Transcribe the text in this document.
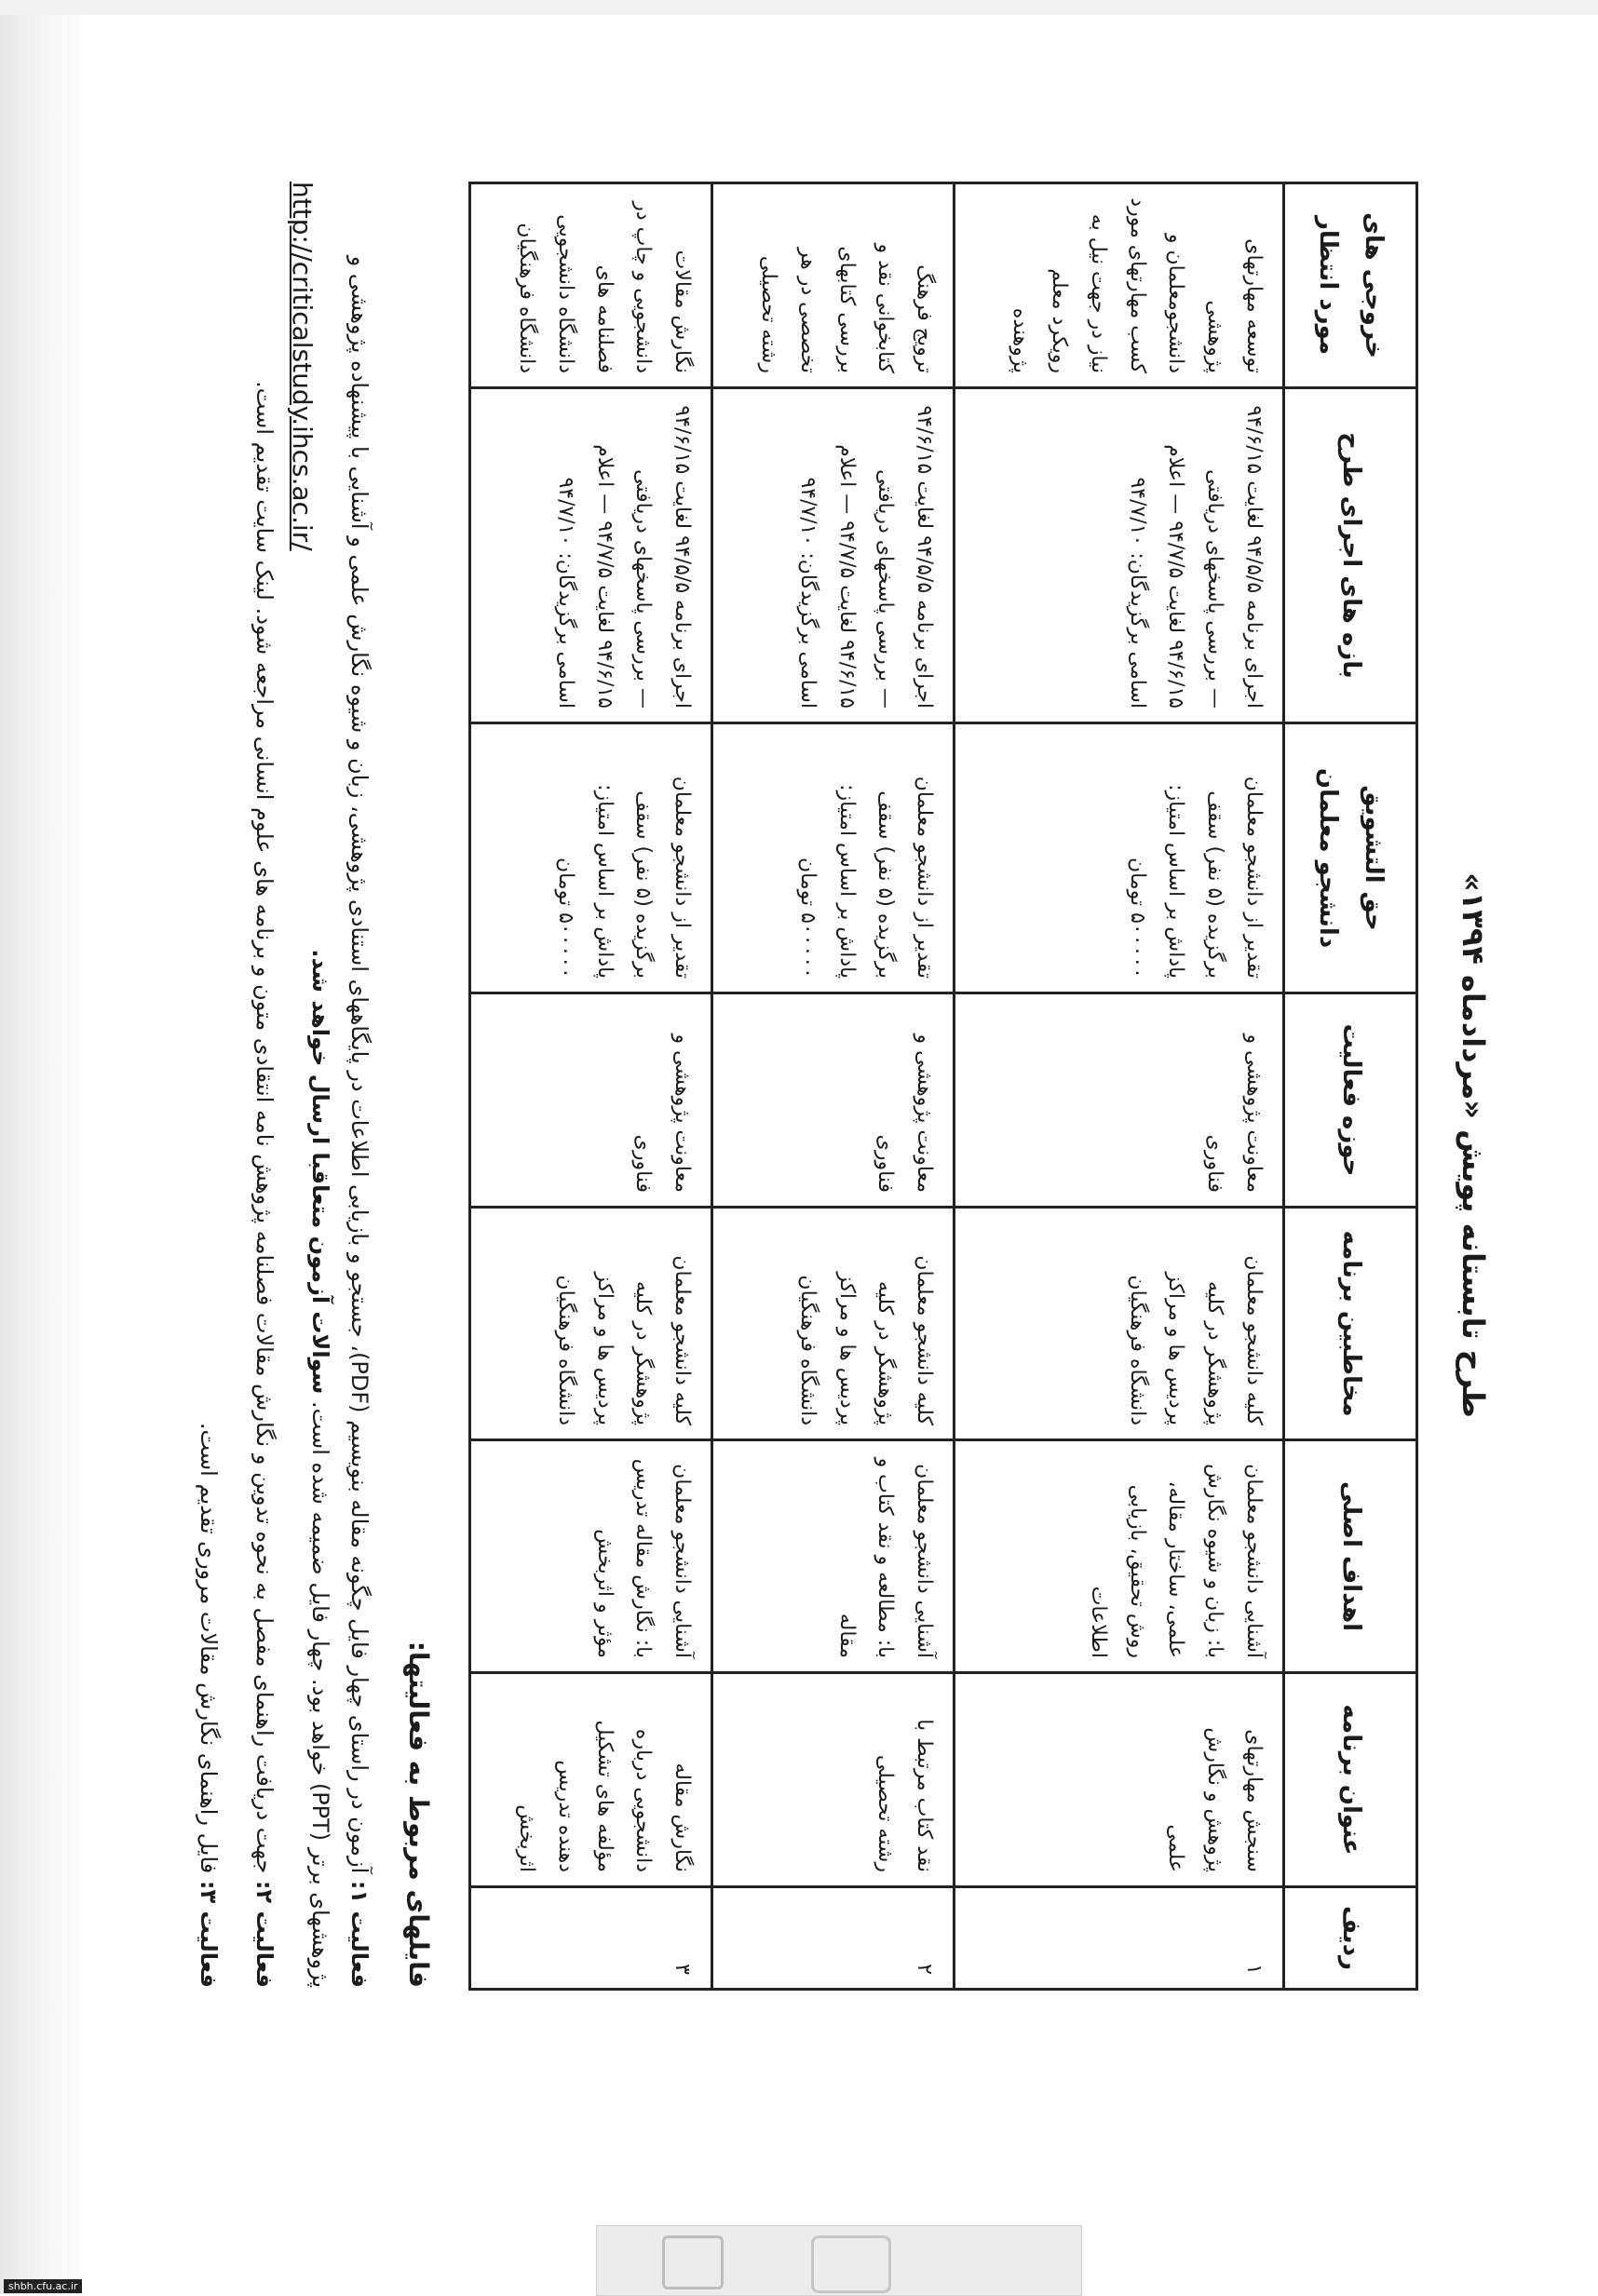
طرح تابستانه پویش «مردادماه ۱۳۹۴»
ردیف	عنوان برنامه	اهداف اصلی	مخاطبین برنامه	حوزه فعالیت	حق التشویق دانشجو معلمان	بازه های اجرای طرح	خروجی های مورد انتظار
۱	سنجش مهارتهای پژوهش و نگارش علمی	آشنایی دانشجو معلمان با: زبان و شیوه نگارش علمی، ساختار مقاله، روش تحقیق، بازیابی اطلاعات	کلیه دانشجو معلمان پژوهشگر در کلیه پردیس ها و مراکز دانشگاه فرهنگیان	معاونت پژوهشی و فناوری	تقدیر از دانشجو معلمان برگزیده (۵ نفر) سقف پاداش بر اساس امتیاز: ۵۰۰۰۰۰ تومان	اجرای برنامه ۹۴/۵/۵ لغایت ۹۴/۶/۱۵ — بررسی پاسخهای دریافتی ۹۴/۶/۱۵ لغایت ۹۴/۷/۵ — اعلام اسامی برگزیدگان: ۹۴/۷/۱۰	توسعه مهارتهای پژوهشی دانشجومعلمان و کسب مهارتهای مورد نیاز در جهت نیل به رویکرد معلم پژوهنده
۲	نقد کتاب مرتبط با رشته تحصیلی	آشنایی دانشجو معلمان با: مطالعه و نقد کتاب و مقاله	کلیه دانشجو معلمان پژوهشگر در کلیه پردیس ها و مراکز دانشگاه فرهنگیان	معاونت پژوهشی و فناوری	تقدیر از دانشجو معلمان برگزیده (۵ نفر) سقف پاداش بر اساس امتیاز: ۵۰۰۰۰۰ تومان	اجرای برنامه ۹۴/۵/۵ لغایت ۹۴/۶/۱۵ — بررسی پاسخهای دریافتی ۹۴/۶/۱۵ لغایت ۹۴/۷/۵ — اعلام اسامی برگزیدگان: ۹۴/۷/۱۰	ترویج فرهنگ کتابخوانی نقد و بررسی کتابهای تخصصی در هر رشته تحصیلی
۳	نگارش مقاله دانشجویی درباره مؤلفه های تشکیل دهنده تدریس اثربخش	آشنایی دانشجو معلمان با: نگارش مقاله تدریس مؤثر و اثربخش	کلیه دانشجو معلمان پژوهشگر در کلیه پردیس ها و مراکز دانشگاه فرهنگیان	معاونت پژوهشی و فناوری	تقدیر از دانشجو معلمان برگزیده (۵ نفر) سقف پاداش بر اساس امتیاز: ۵۰۰۰۰۰ تومان	اجرای برنامه ۹۴/۵/۵ لغایت ۹۴/۶/۱۵ — بررسی پاسخهای دریافتی ۹۴/۶/۱۵ لغایت ۹۴/۷/۵ — اعلام اسامی برگزیدگان: ۹۴/۷/۱۰	نگارش مقالات دانشجویی و چاپ در فصلنامه های دانشگاه دانشجویی دانشگاه فرهنگیان
فایلهای مربوط به فعالیتها:
فعالیت ۱: آزمون در راستای چهار فایل چگونه مقاله بنویسیم (PDF)، جستجو و بازیابی اطلاعات در پایگاههای استنادی پژوهشی، زبان و شیوه نگارش علمی و آشنایی با پیشنهاده پژوهشی و پژوهشهای برتر (PPT) خواهد بود. چهار فایل ضمیمه شده است. سوالات آزمون متعاقبا ارسال خواهد شد.
فعالیت ۲: جهت دریافت راهنمای مفصل به نحوه تدوین و نگارش مقالات فصلنامه پژوهش نامه انتقادی متون و برنامه های علوم انسانی مراجعه شود. لینک سایت تقدیم است.
فعالیت ۳: فایل راهنمای نگارش مقالات مروری تقدیم است.
http://criticalstudy.ihcs.ac.ir/
shbh.cfu.ac.ir
